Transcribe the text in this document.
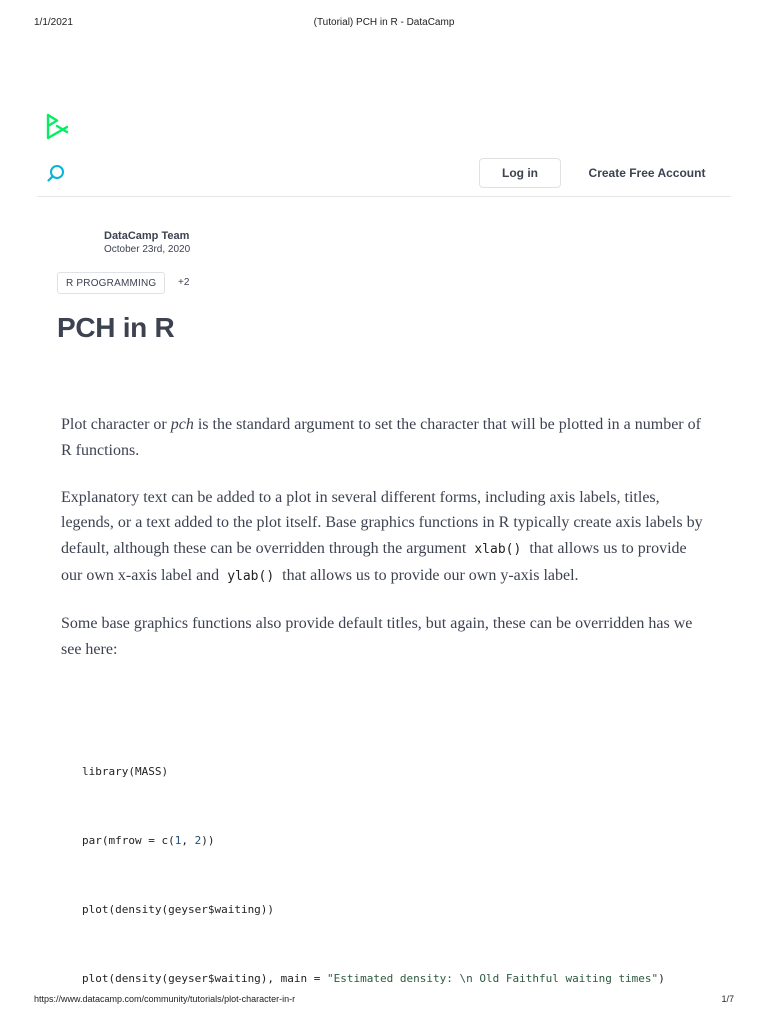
1/1/2021	(Tutorial) PCH in R - DataCamp
Log in	Create Free Account
DataCamp Team
October 23rd, 2020
R PROGRAMMING	+2
PCH in R

Plot character or pch is the standard argument to set the character that will be plotted in a number of R functions.

Explanatory text can be added to a plot in several different forms, including axis labels, titles, legends, or a text added to the plot itself. Base graphics functions in R typically create axis labels by default, although these can be overridden through the argument xlab() that allows us to provide our own x-axis label and ylab() that allows us to provide our own y-axis label.

Some base graphics functions also provide default titles, but again, these can be overridden has we see here:

library(MASS)

par(mfrow = c(1, 2))

plot(density(geyser$waiting))

plot(density(geyser$waiting), main = "Estimated density: \n Old Faithful waiting times")

https://www.datacamp.com/community/tutorials/plot-character-in-r	1/7
